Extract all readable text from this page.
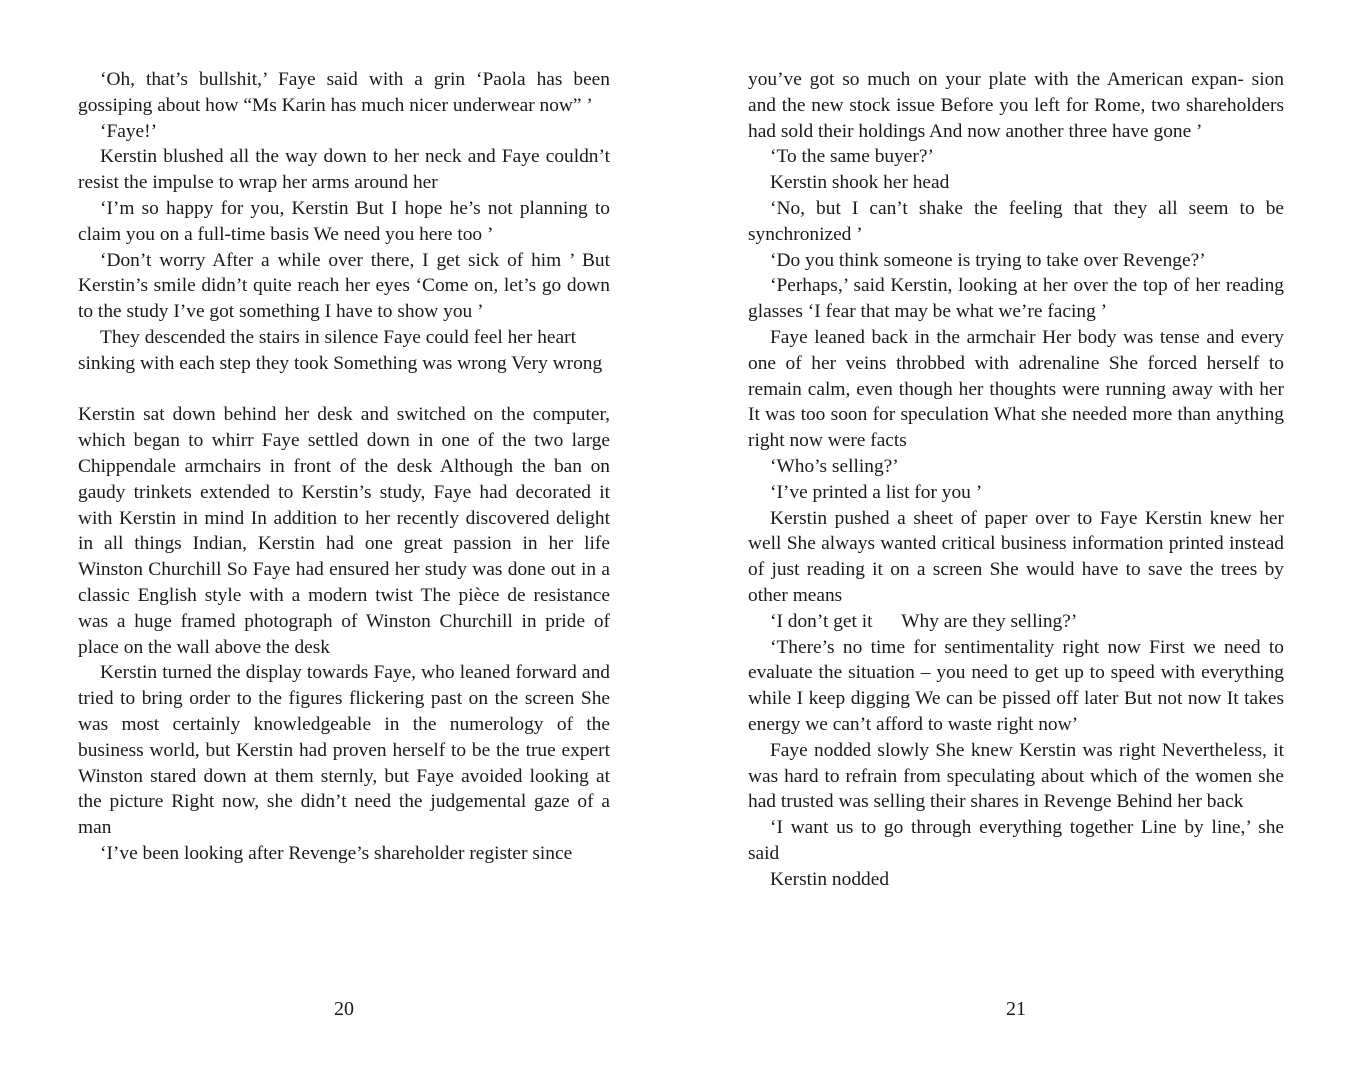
‘Oh, that’s bullshit,’ Faye said with a grin ‘Paola has been gossiping about how “Ms Karin has much nicer underwear now” ’

‘Faye!’

Kerstin blushed all the way down to her neck and Faye couldn’t resist the impulse to wrap her arms around her

‘I’m so happy for you, Kerstin But I hope he’s not planning to claim you on a full-time basis We need you here too ’

‘Don’t worry After a while over there, I get sick of him ’ But Kerstin’s smile didn’t quite reach her eyes ‘Come on, let’s go down to the study I’ve got something I have to show you ’

They descended the stairs in silence Faye could feel her heart sinking with each step they took Something was wrong Very wrong

Kerstin sat down behind her desk and switched on the computer, which began to whirr Faye settled down in one of the two large Chippendale armchairs in front of the desk Although the ban on gaudy trinkets extended to Kerstin’s study, Faye had decorated it with Kerstin in mind In addition to her recently discovered delight in all things Indian, Kerstin had one great passion in her life Winston Churchill So Faye had ensured her study was done out in a classic English style with a modern twist The pièce de resistance was a huge framed photograph of Winston Churchill in pride of place on the wall above the desk

Kerstin turned the display towards Faye, who leaned forward and tried to bring order to the figures flickering past on the screen She was most certainly knowledgeable in the numerology of the business world, but Kerstin had proven herself to be the true expert Winston stared down at them sternly, but Faye avoided looking at the picture Right now, she didn’t need the judgemental gaze of a man

‘I’ve been looking after Revenge’s shareholder register since

20

you’ve got so much on your plate with the American expan- sion and the new stock issue Before you left for Rome, two shareholders had sold their holdings And now another three have gone ’

‘To the same buyer?’

Kerstin shook her head

‘No, but I can’t shake the feeling that they all seem to be synchronized ’

‘Do you think someone is trying to take over Revenge?’

‘Perhaps,’ said Kerstin, looking at her over the top of her reading glasses ‘I fear that may be what we’re facing ’

Faye leaned back in the armchair Her body was tense and every one of her veins throbbed with adrenaline She forced herself to remain calm, even though her thoughts were running away with her It was too soon for speculation What she needed more than anything right now were facts

‘Who’s selling?’

‘I’ve printed a list for you ’

Kerstin pushed a sheet of paper over to Faye Kerstin knew her well She always wanted critical business information printed instead of just reading it on a screen She would have to save the trees by other means

‘I don’t get it      Why are they selling?’

‘There’s no time for sentimentality right now First we need to evaluate the situation – you need to get up to speed with everything while I keep digging We can be pissed off later But not now It takes energy we can’t afford to waste right now’

Faye nodded slowly She knew Kerstin was right Nevertheless, it was hard to refrain from speculating about which of the women she had trusted was selling their shares in Revenge Behind her back

‘I want us to go through everything together Line by line,’ she said

Kerstin nodded

21
